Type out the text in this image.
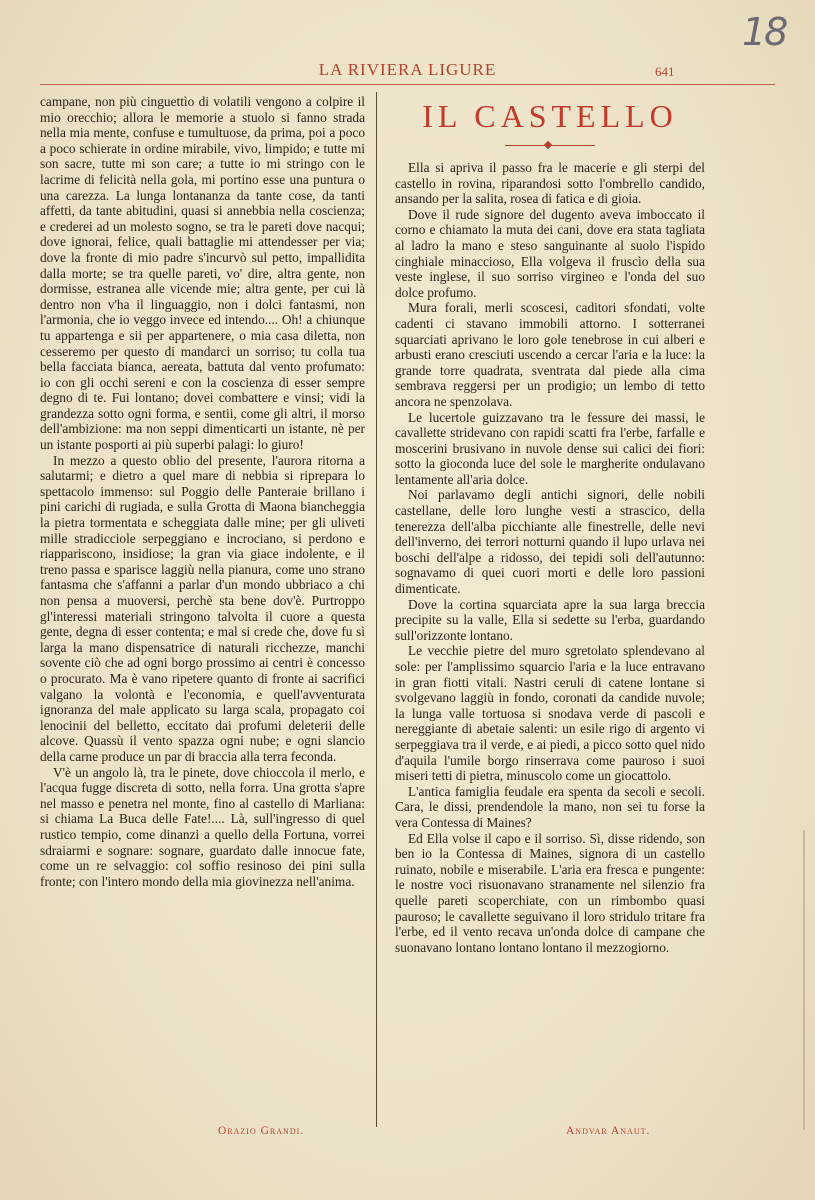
18
LA RIVIERA LIGURE	641

campane, non più cinguettìo di volatili vengono a colpire il mio orecchio; allora le memorie a stuolo si fanno strada nella mia mente, confuse e tumultuose, da prima, poi a poco a poco schierate in ordine mirabile, vivo, limpido; e tutte mi son sacre, tutte mi son care; a tutte io mi stringo con le lacrime di felicità nella gola, mi portino esse una puntura o una carezza. La lunga lontananza da tante cose, da tanti affetti, da tante abitudini, quasi si annebbia nella coscienza; e crederei ad un molesto sogno, se tra le pareti dove nacqui; dove ignorai, felice, quali battaglie mi attendesser per via; dove la fronte di mio padre s'incurvò sul petto, impallidita dalla morte; se tra quelle pareti, vo' dire, altra gente, non dormisse, estranea alle vicende mie; altra gente, per cui là dentro non v'ha il linguaggio, non i dolci fantasmi, non l'armonia, che io veggo invece ed intendo.... Oh! a chiunque tu appartenga e sii per appartenere, o mia casa diletta, non cesseremo per questo di mandarci un sorriso; tu colla tua bella facciata bianca, aereata, battuta dal vento profumato: io con gli occhi sereni e con la coscienza di esser sempre degno di te. Fui lontano; dovei combattere e vinsi; vidi la grandezza sotto ogni forma, e sentii, come gli altri, il morso dell'ambizione: ma non seppi dimenticarti un istante, nè per un istante posporti ai più superbi palagi: lo giuro!

In mezzo a questo oblio del presente, l'aurora ritorna a salutarmi; e dietro a quel mare di nebbia si riprepara lo spettacolo immenso: sul Poggio delle Panteraie brillano i pini carichi di rugiada, e sulla Grotta di Maona biancheggia la pietra tormentata e scheggiata dalle mine; per gli uliveti mille stradicciole serpeggiano e incrociano, si perdono e riappariscono, insidiose; la gran via giace indolente, e il treno passa e sparisce laggiù nella pianura, come uno strano fantasma che s'affanni a parlar d'un mondo ubbriaco a chi non pensa a muoversi, perchè sta bene dov'è. Purtroppo gl'interessi materiali stringono talvolta il cuore a questa gente, degna di esser contenta; e mal si crede che, dove fu sì larga la mano dispensatrice di naturali ricchezze, manchi sovente ciò che ad ogni borgo prossimo ai centri è concesso o procurato. Ma è vano ripetere quanto di fronte ai sacrifici valgano la volontà e l'economia, e quell'avventurata ignoranza del male applicato su larga scala, propagato coi lenocinii del belletto, eccitato dai profumi deleterii delle alcove. Quassù il vento spazza ogni nube; e ogni slancio della carne produce un par di braccia alla terra feconda.

V'è un angolo là, tra le pinete, dove chioccola il merlo, e l'acqua fugge discreta di sotto, nella forra. Una grotta s'apre nel masso e penetra nel monte, fino al castello di Marliana: si chiama La Buca delle Fate!.... Là, sull'ingresso di quel rustico tempio, come dinanzi a quello della Fortuna, vorrei sdraiarmi e sognare: sognare, guardato dalle innocue fate, come un re selvaggio: col soffio resinoso dei pini sulla fronte; con l'intero mondo della mia giovinezza nell'anima.

Orazio Grandi.
IL CASTELLO

Ella si apriva il passo fra le macerie e gli sterpi del castello in rovina, riparandosi sotto l'ombrello candido, ansando per la salita, rosea di fatica e di gioia.

Dove il rude signore del dugento aveva imboccato il corno e chiamato la muta dei cani, dove era stata tagliata al ladro la mano e steso sanguinante al suolo l'ispido cinghiale minaccioso, Ella volgeva il fruscìo della sua veste inglese, il suo sorriso virgineo e l'onda del suo dolce profumo.

Mura forali, merli scoscesi, caditori sfondati, volte cadenti ci stavano immobili attorno. I sotterranei squarciati aprivano le loro gole tenebrose in cui alberi e arbusti erano cresciuti uscendo a cercar l'aria e la luce: la grande torre quadrata, sventrata dal piede alla cima sembrava reggersi per un prodigio; un lembo di tetto ancora ne spenzolava.

Le lucertole guizzavano tra le fessure dei massi, le cavallette stridevano con rapidi scatti fra l'erbe, farfalle e moscerini brusivano in nuvole dense sui calici dei fiori: sotto la gioconda luce del sole le margherite ondulavano lentamente all'aria dolce.

Noi parlavamo degli antichi signori, delle nobili castellane, delle loro lunghe vesti a strascico, della tenerezza dell'alba picchiante alle finestrelle, delle nevi dell'inverno, dei terrori notturni quando il lupo urlava nei boschi dell'alpe a ridosso, dei tepidi soli dell'autunno: sognavamo di quei cuori morti e delle loro passioni dimenticate.

Dove la cortina squarciata apre la sua larga breccia precipite su la valle, Ella si sedette su l'erba, guardando sull'orizzonte lontano.

Le vecchie pietre del muro sgretolato splendevano al sole: per l'amplissimo squarcio l'aria e la luce entravano in gran fiotti vitali. Nastri ceruli di catene lontane si svolgevano laggiù in fondo, coronati da candide nuvole; la lunga valle tortuosa si snodava verde di pascoli e nereggiante di abetaie salenti: un esile rigo di argento vi serpeggiava tra il verde, e ai piedi, a picco sotto quel nido d'aquila l'umile borgo rinserrava come pauroso i suoi miseri tetti di pietra, minuscolo come un giocattolo.

L'antica famiglia feudale era spenta da secoli e secoli. Cara, le dissi, prendendole la mano, non sei tu forse la vera Contessa di Maines?

Ed Ella volse il capo e il sorriso. Sì, disse ridendo, son ben io la Contessa di Maines, signora di un castello ruinato, nobile e miserabile. L'aria era fresca e pungente: le nostre voci risuonavano stranamente nel silenzio fra quelle pareti scoperchiate, con un rimbombo quasi pauroso; le cavallette seguivano il loro stridulo tritare fra l'erbe, ed il vento recava un'onda dolce di campane che suonavano lontano lontano lontano il mezzogiorno.

Andvar Anaut.
